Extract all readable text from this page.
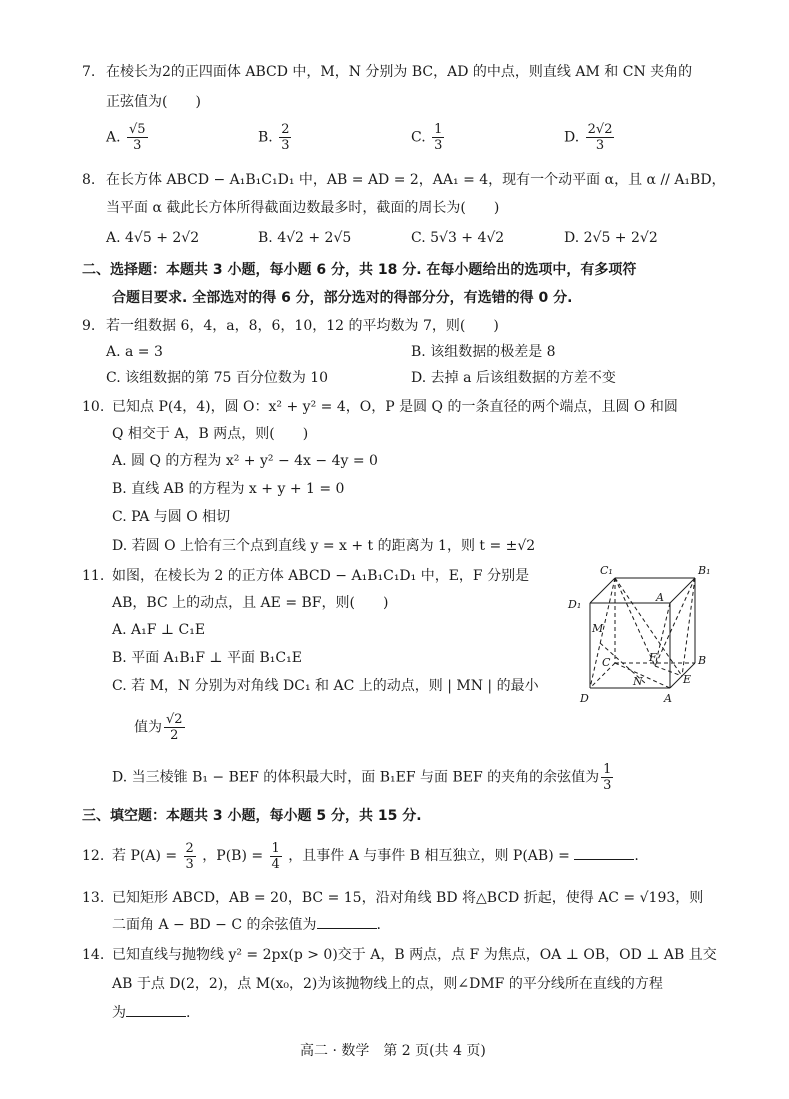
7. 在棱长为2的正四面体 ABCD 中，M，N 分别为 BC，AD 的中点，则直线 AM 和 CN 夹角的
正弦值为(　　)
A. $\frac{√5}{3}$	B. $\frac{2}{3}$	C. $\frac{1}{3}$	D. $\frac{2√2}{3}$
8. 在长方体 ABCD − A₁B₁C₁D₁ 中，AB = AD = 2，AA₁ = 4，现有一个动平面 α，且 α // A₁BD，
当平面 α 截此长方体所得截面边数最多时，截面的周长为(　　)
A. 4√5 + 2√2	B. 4√2 + 2√5	C. 5√3 + 4√2	D. 2√5 + 2√2
二、选择题：本题共 3 小题，每小题 6 分，共 18 分. 在每小题给出的选项中，有多项符
合题目要求. 全部选对的得 6 分，部分选对的得部分分，有选错的得 0 分.
9. 若一组数据 6，4，a，8，6，10，12 的平均数为 7，则(　　)
A. a = 3	B. 该组数据的极差是 8
C. 该组数据的第 75 百分位数为 10	D. 去掉 a 后该组数据的方差不变
10. 已知点 P(4，4)，圆 O：x² + y² = 4，O，P 是圆 Q 的一条直径的两个端点，且圆 O 和圆
Q 相交于 A，B 两点，则(　　)
A. 圆 Q 的方程为 x² + y² − 4x − 4y = 0
B. 直线 AB 的方程为 x + y + 1 = 0
C. PA 与圆 O 相切
D. 若圆 O 上恰有三个点到直线 y = x + t 的距离为 1，则 t = ±√2
11. 如图，在棱长为 2 的正方体 ABCD − A₁B₁C₁D₁ 中，E，F 分别是
AB，BC 上的动点，且 AE = BF，则(　　)
A. A₁F ⊥ C₁E
B. 平面 A₁B₁F ⊥ 平面 B₁C₁E
C. 若 M，N 分别为对角线 DC₁ 和 AC 上的动点，则 | MN | 的最小
值为 $\frac{√2}{2}$
D. 当三棱锥 B₁ − BEF 的体积最大时，面 B₁EF 与面 BEF 的夹角的余弦值为 $\frac{1}{3}$
C₁	B₁
D₁
A
M
F
C	B
N	E
D	A
三、填空题：本题共 3 小题，每小题 5 分，共 15 分.
12. 若 $P(A) = \frac{2}{3}$ ，$P(B) = \frac{1}{4}$ ，且事件 A 与事件 B 相互独立，则 P(AB) =	.
13. 已知矩形 ABCD，AB = 20，BC = 15，沿对角线 BD 将△BCD 折起，使得 AC = √193，则
二面角 A − BD − C 的余弦值为	.
14. 已知直线与抛物线 y² = 2px(p > 0)交于 A，B 两点，点 F 为焦点，OA ⊥ OB，OD ⊥ AB 且交
AB 于点 D(2，2)，点 M(x₀，2)为该抛物线上的点，则∠DMF 的平分线所在直线的方程
为	.
高二 · 数学　第 2 页(共 4 页)
